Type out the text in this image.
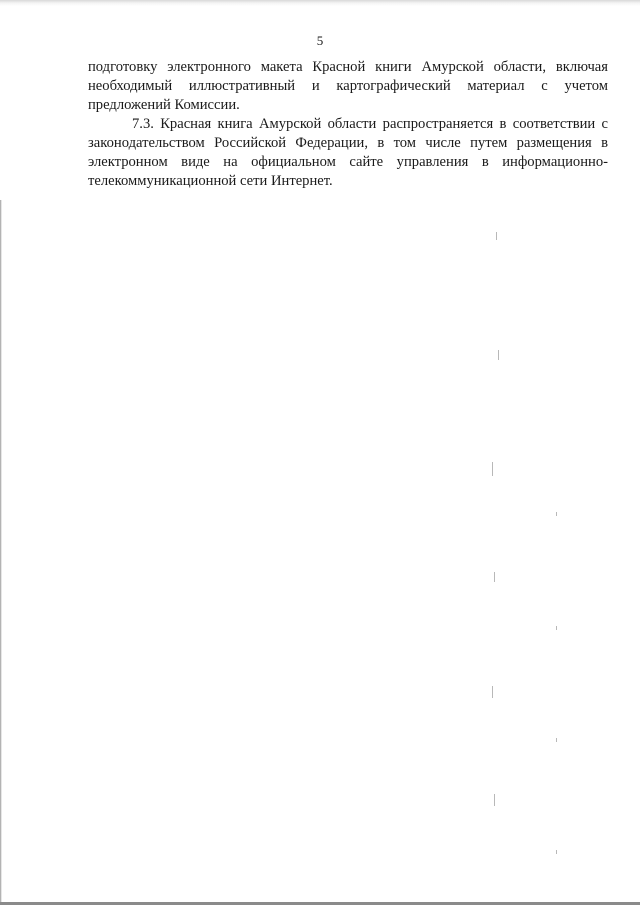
5

подготовку электронного макета Красной книги Амурской области, включая необходимый иллюстративный и картографический материал с учетом предложений Комиссии.

7.3. Красная книга Амурской области распространяется в соответствии с законодательством Российской Федерации, в том числе путем размещения в электронном виде на официальном сайте управления в информационно-телекоммуникационной сети Интернет.
